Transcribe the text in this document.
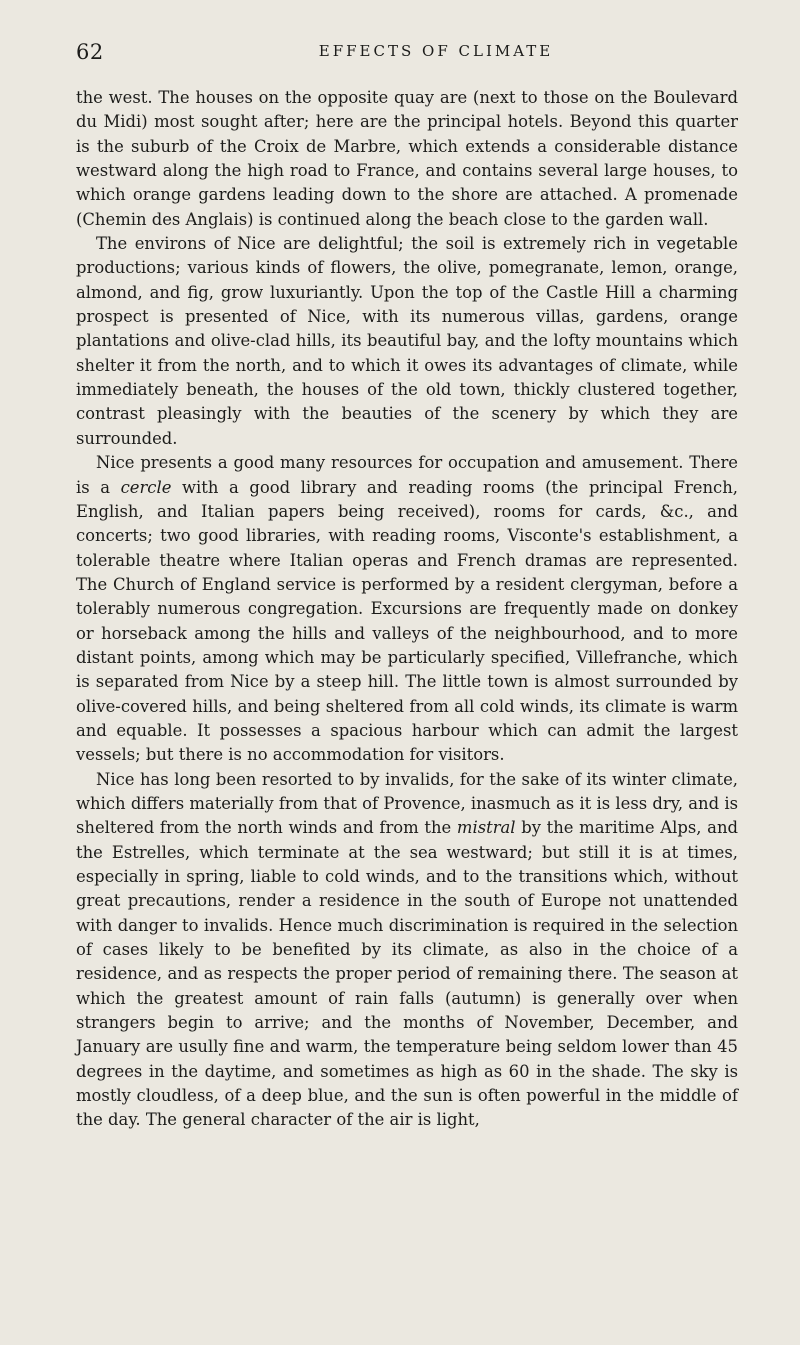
62	EFFECTS OF CLIMATE

the west. The houses on the opposite quay are (next to those on the Boulevard du Midi) most sought after; here are the principal hotels. Beyond this quarter is the suburb of the Croix de Marbre, which extends a considerable distance westward along the high road to France, and contains several large houses, to which orange gardens leading down to the shore are attached. A promenade (Chemin des Anglais) is continued along the beach close to the garden wall.

The environs of Nice are delightful; the soil is extremely rich in vegetable productions; various kinds of flowers, the olive, pomegranate, lemon, orange, almond, and fig, grow luxuriantly. Upon the top of the Castle Hill a charming prospect is presented of Nice, with its numerous villas, gardens, orange plantations and olive-clad hills, its beautiful bay, and the lofty mountains which shelter it from the north, and to which it owes its advantages of climate, while immediately beneath, the houses of the old town, thickly clustered together, contrast pleasingly with the beauties of the scenery by which they are surrounded.

Nice presents a good many resources for occupation and amusement. There is a cercle with a good library and reading rooms (the principal French, English, and Italian papers being received), rooms for cards, &c., and concerts; two good libraries, with reading rooms, Visconte's establishment, a tolerable theatre where Italian operas and French dramas are represented. The Church of England service is performed by a resident clergyman, before a tolerably numerous congregation. Excursions are frequently made on donkey or horseback among the hills and valleys of the neighbourhood, and to more distant points, among which may be particularly specified, Villefranche, which is separated from Nice by a steep hill. The little town is almost surrounded by olive-covered hills, and being sheltered from all cold winds, its climate is warm and equable. It possesses a spacious harbour which can admit the largest vessels; but there is no accommodation for visitors.

Nice has long been resorted to by invalids, for the sake of its winter climate, which differs materially from that of Provence, inasmuch as it is less dry, and is sheltered from the north winds and from the mistral by the maritime Alps, and the Estrelles, which terminate at the sea westward; but still it is at times, especially in spring, liable to cold winds, and to the transitions which, without great precautions, render a residence in the south of Europe not unattended with danger to invalids. Hence much discrimination is required in the selection of cases likely to be benefited by its climate, as also in the choice of a residence, and as respects the proper period of remaining there. The season at which the greatest amount of rain falls (autumn) is generally over when strangers begin to arrive; and the months of November, December, and January are usully fine and warm, the temperature being seldom lower than 45 degrees in the daytime, and sometimes as high as 60 in the shade. The sky is mostly cloudless, of a deep blue, and the sun is often powerful in the middle of the day. The general character of the air is light,
